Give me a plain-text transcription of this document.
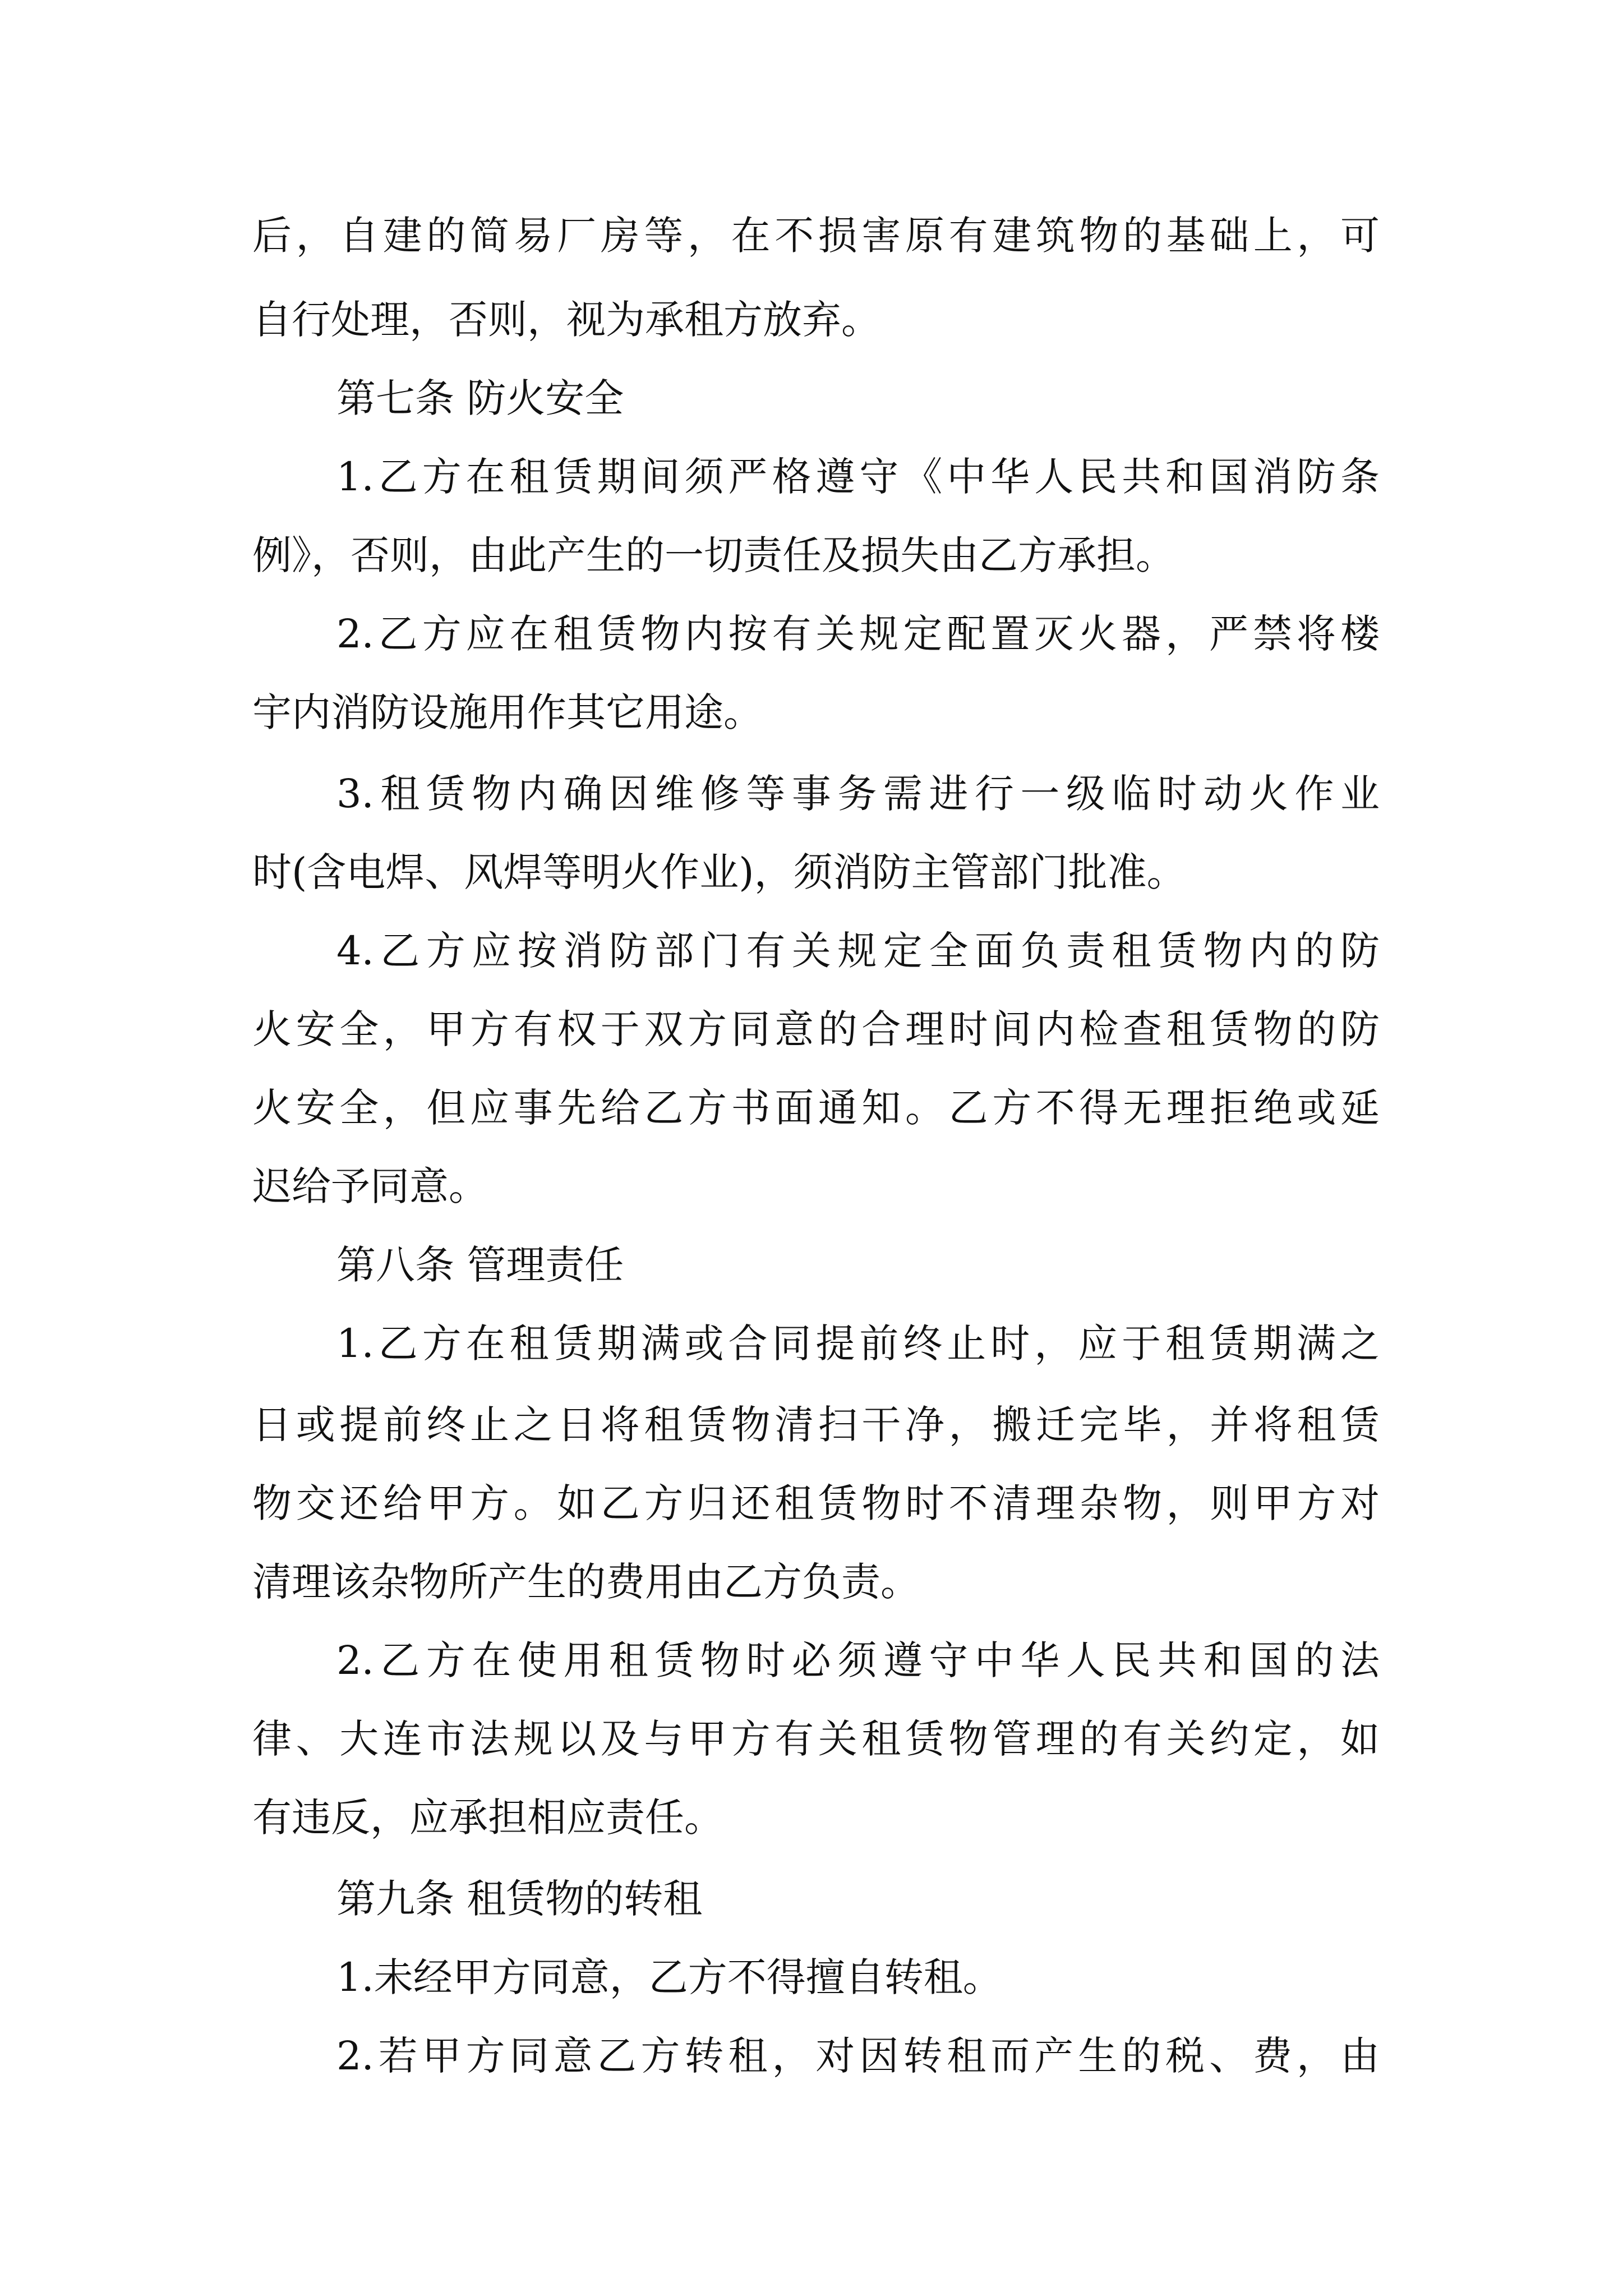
后，自建的简易厂房等，在不损害原有建筑物的基础上，可
自行处理，否则，视为承租方放弃。
第七条 防火安全
1.乙方在租赁期间须严格遵守《中华人民共和国消防条
例》，否则，由此产生的一切责任及损失由乙方承担。
2.乙方应在租赁物内按有关规定配置灭火器，严禁将楼
宇内消防设施用作其它用途。
3.租赁物内确因维修等事务需进行一级临时动火作业
时(含电焊、风焊等明火作业)，须消防主管部门批准。
4.乙方应按消防部门有关规定全面负责租赁物内的防
火安全，甲方有权于双方同意的合理时间内检查租赁物的防
火安全，但应事先给乙方书面通知。乙方不得无理拒绝或延
迟给予同意。
第八条 管理责任
1.乙方在租赁期满或合同提前终止时，应于租赁期满之
日或提前终止之日将租赁物清扫干净，搬迁完毕，并将租赁
物交还给甲方。如乙方归还租赁物时不清理杂物，则甲方对
清理该杂物所产生的费用由乙方负责。
2.乙方在使用租赁物时必须遵守中华人民共和国的法
律、大连市法规以及与甲方有关租赁物管理的有关约定，如
有违反，应承担相应责任。
第九条 租赁物的转租
1.未经甲方同意，乙方不得擅自转租。
2.若甲方同意乙方转租，对因转租而产生的税、费，由
